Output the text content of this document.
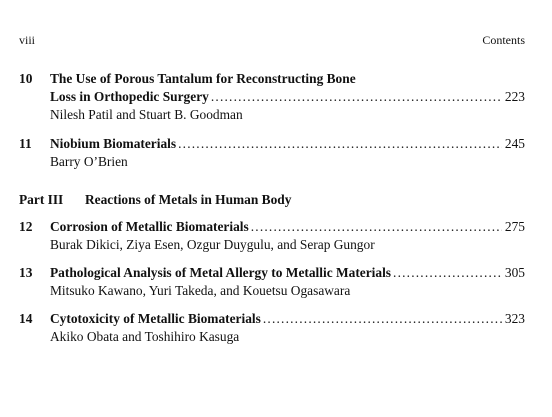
viii	Contents
10 The Use of Porous Tantalum for Reconstructing Bone
Loss in Orthopedic Surgery .....	223
Nilesh Patil and Stuart B. Goodman
11 Niobium Biomaterials .....	245
Barry O’Brien
Part III Reactions of Metals in Human Body
12 Corrosion of Metallic Biomaterials .....	275
Burak Dikici, Ziya Esen, Ozgur Duygulu, and Serap Gungor
13 Pathological Analysis of Metal Allergy to Metallic Materials .....	305
Mitsuko Kawano, Yuri Takeda, and Kouetsu Ogasawara
14 Cytotoxicity of Metallic Biomaterials .....	323
Akiko Obata and Toshihiro Kasuga
